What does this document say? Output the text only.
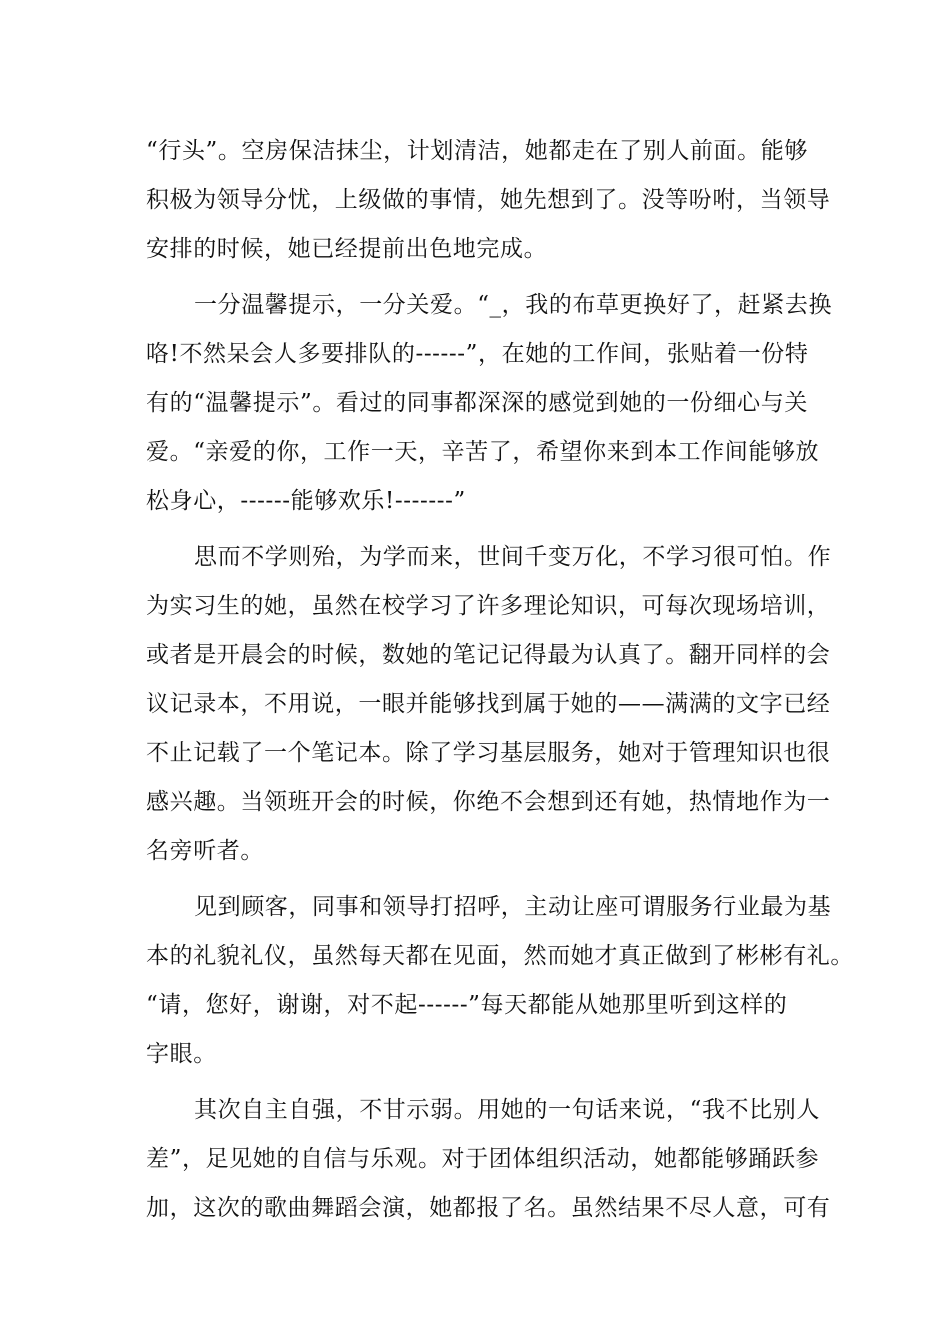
“行头”。空房保洁抹尘，计划清洁，她都走在了别人前面。能够
积极为领导分忧，上级做的事情，她先想到了。没等吩咐，当领导
安排的时候，她已经提前出色地完成。
一分温馨提示，一分关爱。“_，我的布草更换好了，赶紧去换
咯!不然呆会人多要排队的------”，在她的工作间，张贴着一份特
有的“温馨提示”。看过的同事都深深的感觉到她的一份细心与关
爱。“亲爱的你，工作一天，辛苦了，希望你来到本工作间能够放
松身心，------能够欢乐!-------”
思而不学则殆，为学而来，世间千变万化，不学习很可怕。作
为实习生的她，虽然在校学习了许多理论知识，可每次现场培训，
或者是开晨会的时候，数她的笔记记得最为认真了。翻开同样的会
议记录本，不用说，一眼并能够找到属于她的——满满的文字已经
不止记载了一个笔记本。除了学习基层服务，她对于管理知识也很
感兴趣。当领班开会的时候，你绝不会想到还有她，热情地作为一
名旁听者。
见到顾客，同事和领导打招呼，主动让座可谓服务行业最为基
本的礼貌礼仪，虽然每天都在见面，然而她才真正做到了彬彬有礼。
“请，您好，谢谢，对不起------”每天都能从她那里听到这样的
字眼。
其次自主自强，不甘示弱。用她的一句话来说，“我不比别人
差”，足见她的自信与乐观。对于团体组织活动，她都能够踊跃参
加，这次的歌曲舞蹈会演，她都报了名。虽然结果不尽人意，可有
